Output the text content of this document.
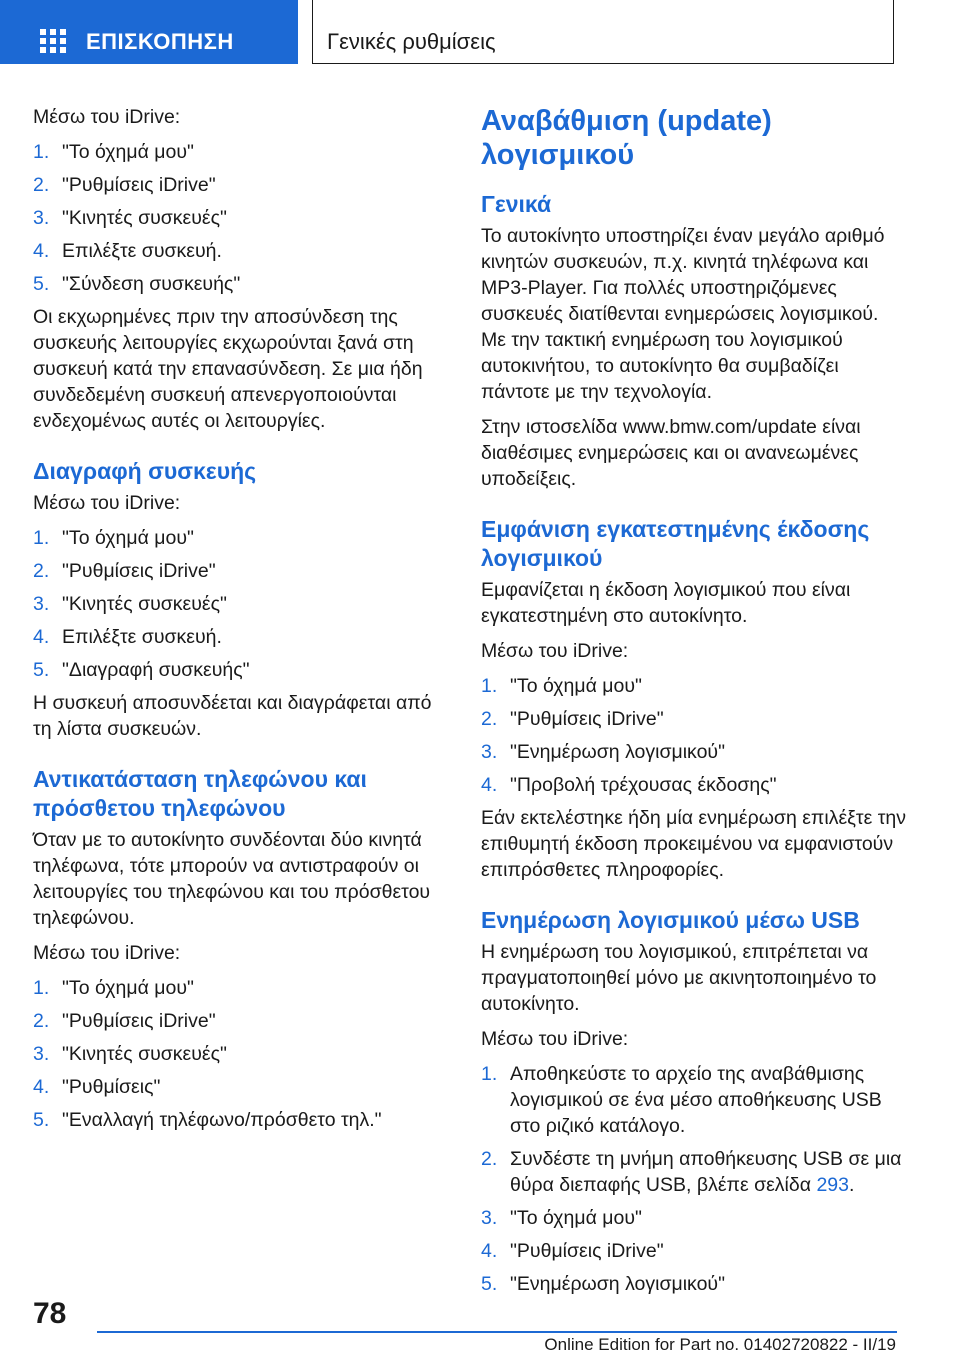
ΕΠΙΣΚΟΠΗΣΗ	Γενικές ρυθμίσεις

Μέσω του iDrive:

1. "Το όχημά μου"
2. "Ρυθμίσεις iDrive"
3. "Κινητές συσκευές"
4. Επιλέξτε συσκευή.
5. "Σύνδεση συσκευής"

Οι εκχωρημένες πριν την αποσύνδεση της συσκευής λειτουργίες εκχωρούνται ξανά στη συσκευή κατά την επανασύνδεση. Σε μια ήδη συνδεδεμένη συσκευή απενεργοποιούνται ενδεχομένως αυτές οι λειτουργίες.

Διαγραφή συσκευής

Μέσω του iDrive:

1. "Το όχημά μου"
2. "Ρυθμίσεις iDrive"
3. "Κινητές συσκευές"
4. Επιλέξτε συσκευή.
5. "Διαγραφή συσκευής"

Η συσκευή αποσυνδέεται και διαγράφεται από τη λίστα συσκευών.

Αντικατάσταση τηλεφώνου και πρόσθετου τηλεφώνου

Όταν με το αυτοκίνητο συνδέονται δύο κινητά τηλέφωνα, τότε μπορούν να αντιστραφούν οι λειτουργίες του τηλεφώνου και του πρόσθετου τηλεφώνου.

Μέσω του iDrive:

1. "Το όχημά μου"
2. "Ρυθμίσεις iDrive"
3. "Κινητές συσκευές"
4. "Ρυθμίσεις"
5. "Εναλλαγή τηλέφωνο/πρόσθετο τηλ."
Αναβάθμιση (update) λογισμικού
Γενικά

Το αυτοκίνητο υποστηρίζει έναν μεγάλο αριθμό κινητών συσκευών, π.χ. κινητά τηλέφωνα και MP3-Player. Για πολλές υποστηριζόμενες συσκευές διατίθενται ενημερώσεις λογισμικού. Με την τακτική ενημέρωση του λογισμικού αυτοκινήτου, το αυτοκίνητο θα συμβαδίζει πάντοτε με την τεχνολογία.

Στην ιστοσελίδα www.bmw.com/update είναι διαθέσιμες ενημερώσεις και οι ανανεωμένες υποδείξεις.

Εμφάνιση εγκατεστημένης έκδοσης λογισμικού

Εμφανίζεται η έκδοση λογισμικού που είναι εγκατεστημένη στο αυτοκίνητο.

Μέσω του iDrive:

1. "Το όχημά μου"
2. "Ρυθμίσεις iDrive"
3. "Ενημέρωση λογισμικού"
4. "Προβολή τρέχουσας έκδοσης"

Εάν εκτελέστηκε ήδη μία ενημέρωση επιλέξτε την επιθυμητή έκδοση προκειμένου να εμφανιστούν επιπρόσθετες πληροφορίες.

Ενημέρωση λογισμικού μέσω USB

Η ενημέρωση του λογισμικού, επιτρέπεται να πραγματοποιηθεί μόνο με ακινητοποιημένο το αυτοκίνητο.

Μέσω του iDrive:

1. Αποθηκεύστε το αρχείο της αναβάθμισης λογισμικού σε ένα μέσο αποθήκευσης USB στο ριζικό κατάλογο.
2. Συνδέστε τη μνήμη αποθήκευσης USB σε μια θύρα διεπαφής USB, βλέπε σελίδα 293.
3. "Το όχημά μου"
4. "Ρυθμίσεις iDrive"
5. "Ενημέρωση λογισμικού"
78
Online Edition for Part no. 01402720822 - II/19
